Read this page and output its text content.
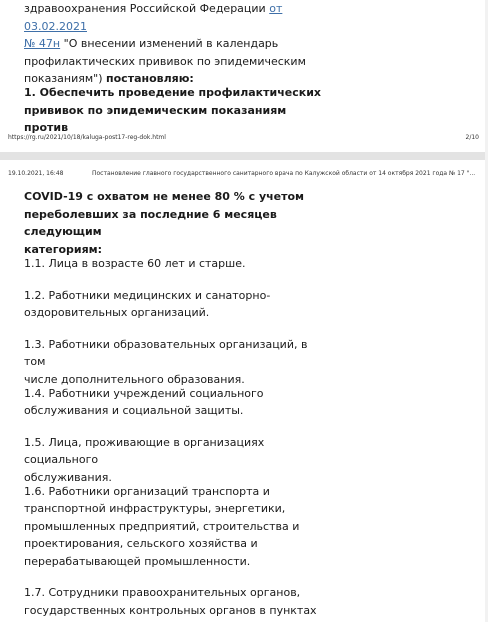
здравоохранения Российской Федерации от 03.02.2021
№ 47н "О внесении изменений в календарь
профилактических прививок по эпидемическим
показаниям") постановляю:

1. Обеспечить проведение профилактических
прививок по эпидемическим показаниям против

https://rg.ru/2021/10/18/kaluga-post17-reg-dok.html	2/10
19.10.2021, 16:48	Постановление главного государственного санитарного врача по Калужской области от 14 октября 2021 года № 17 "...

COVID-19 с охватом не менее 80 % с учетом
переболевших за последние 6 месяцев следующим
категориям:

1.1. Лица в возрасте 60 лет и старше.

1.2. Работники медицинских и санаторно-
оздоровительных организаций.

1.3. Работники образовательных организаций, в том
числе дополнительного образования.

1.4. Работники учреждений социального
обслуживания и социальной защиты.

1.5. Лица, проживающие в организациях социального
обслуживания.

1.6. Работники организаций транспорта и
транспортной инфраструктуры, энергетики,
промышленных предприятий, строительства и
проектирования, сельского хозяйства и
перерабатывающей промышленности.

1.7. Сотрудники правоохранительных органов,
государственных контрольных органов в пунктах
